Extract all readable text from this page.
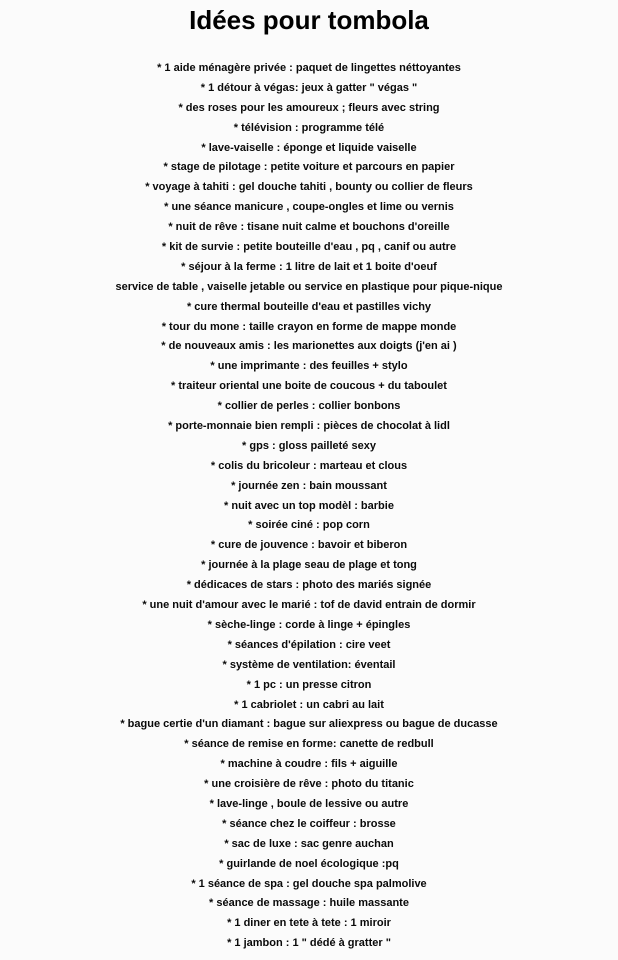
Idées pour tombola
* 1 aide ménagère privée : paquet de lingettes néttoyantes
* 1 détour à végas: jeux à gatter " végas "
* des roses pour les amoureux ; fleurs avec string
* télévision : programme télé
* lave-vaiselle : éponge et liquide vaiselle
* stage de pilotage : petite voiture et parcours en papier
* voyage à tahiti : gel douche tahiti , bounty ou collier de fleurs
* une séance manicure , coupe-ongles et lime ou vernis
* nuit de rêve : tisane nuit calme et bouchons d'oreille
* kit de survie : petite bouteille d'eau , pq , canif ou autre
* séjour à la ferme : 1 litre de lait et 1 boite d'oeuf
service de table , vaiselle jetable ou service en plastique pour pique-nique
* cure thermal bouteille d'eau et pastilles vichy
* tour du mone : taille crayon en forme de mappe monde
* de nouveaux amis : les marionettes aux doigts (j'en ai )
* une imprimante : des feuilles + stylo
* traiteur oriental une boite de coucous + du taboulet
* collier de perles : collier bonbons
* porte-monnaie bien rempli : pièces de chocolat à lidl
* gps : gloss pailleté sexy
* colis du bricoleur : marteau et clous
* journée zen : bain moussant
* nuit avec un top modèl : barbie
* soirée ciné : pop corn
* cure de jouvence : bavoir et biberon
* journée à la plage seau de plage et tong
* dédicaces de stars : photo des mariés signée
* une nuit d'amour avec le marié : tof de david entrain de dormir
* sèche-linge : corde à linge + épingles
* séances d'épilation : cire veet
* système de ventilation: éventail
* 1 pc : un presse citron
* 1 cabriolet : un cabri au lait
* bague certie d'un diamant : bague sur aliexpress ou bague de ducasse
* séance de remise en forme: canette de redbull
* machine à coudre : fils + aiguille
* une croisière de rêve : photo du titanic
* lave-linge , boule de lessive ou autre
* séance chez le coiffeur : brosse
* sac de luxe : sac genre auchan
* guirlande de noel écologique :pq
* 1 séance de spa : gel douche spa palmolive
* séance de massage : huile massante
* 1 diner en tete à tete : 1 miroir
* 1 jambon : 1 " dédé à gratter "
